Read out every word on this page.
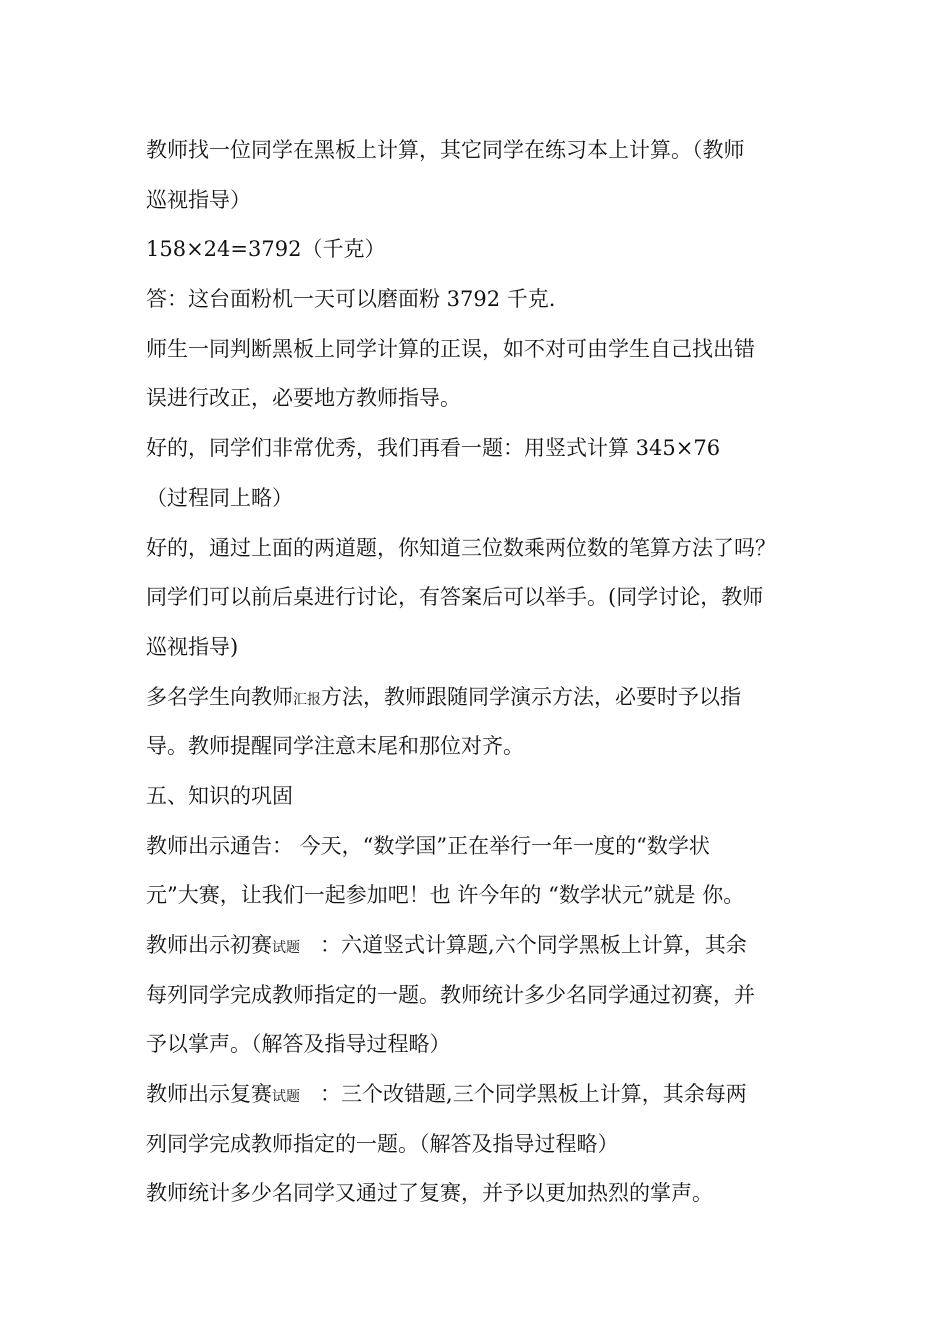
教师找一位同学在黑板上计算，其它同学在练习本上计算。（教师
巡视指导）
158×24=3792（千克）
答：这台面粉机一天可以磨面粉 3792 千克.
师生一同判断黑板上同学计算的正误，如不对可由学生自己找出错
误进行改正，必要地方教师指导。
好的，同学们非常优秀，我们再看一题：用竖式计算 345×76
（过程同上略）
好的，通过上面的两道题，你知道三位数乘两位数的笔算方法了吗？
同学们可以前后桌进行讨论，有答案后可以举手。(同学讨论，教师
巡视指导)
多名学生向教师汇报方法，教师跟随同学演示方法，必要时予以指
导。教师提醒同学注意末尾和那位对齐。
五、知识的巩固
教师出示通告： 今天，“数学国”正在举行一年一度的“数学状
元”大赛，让我们一起参加吧！也 许今年的 “数学状元”就是 你。
教师出示初赛试题   ：六道竖式计算题,六个同学黑板上计算，其余
每列同学完成教师指定的一题。教师统计多少名同学通过初赛，并
予以掌声。（解答及指导过程略）
教师出示复赛试题   ：三个改错题,三个同学黑板上计算，其余每两
列同学完成教师指定的一题。（解答及指导过程略）
教师统计多少名同学又通过了复赛，并予以更加热烈的掌声。
